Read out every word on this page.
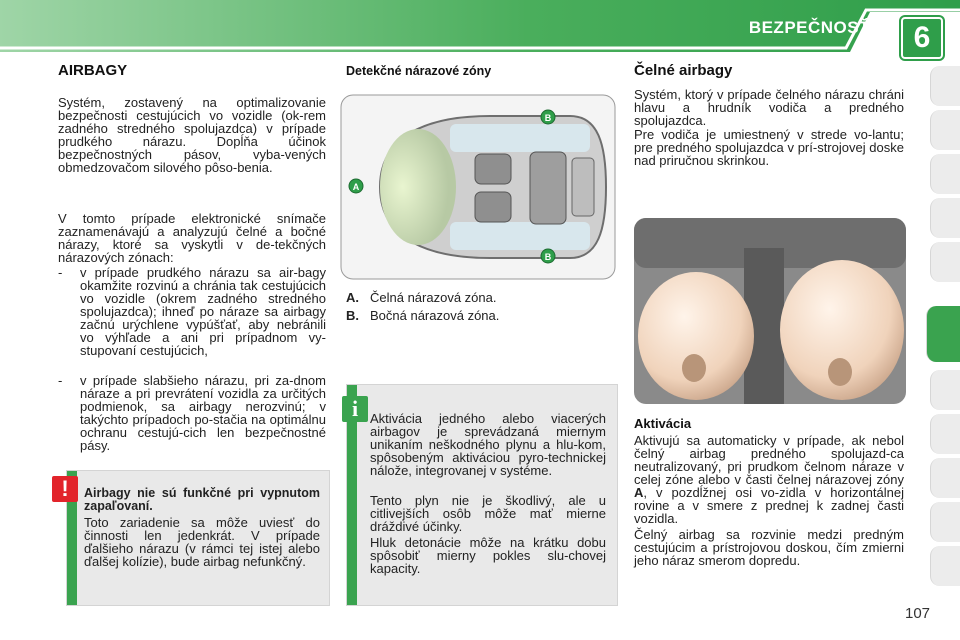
BEZPEČNOSŤ	6
AIRBAGY

Systém, zostavený na optimalizovanie bezpečnosti cestujúcich vo vozidle (ok-rem zadného stredného spolujazdca) v prípade prudkého nárazu. Dopĺňa účinok bezpečnostných pásov, vyba-vených obmedzovačom silového pôso-benia.

V tomto prípade elektronické snímače zaznamenávajú a analyzujú čelné a bočné nárazy, ktoré sa vyskytli v de-tekčných nárazových zónach:

-	v prípade prudkého nárazu sa air-bagy okamžite rozvinú a chránia tak cestujúcich vo vozidle (okrem zadného stredného spolujazdca); ihneď po náraze sa airbagy začnú urýchlene vypúšťať, aby nebránili vo výhľade a ani pri prípadnom vy-stupovaní cestujúcich,
-	v prípade slabšieho nárazu, pri za-dnom náraze a pri prevrátení vozidla za určitých podmienok, sa airbagy nerozvinú; v takýchto prípadoch po-stačia na optimálnu ochranu cestujú-cich len bezpečnostné pásy.
!	Airbagy nie sú funkčné pri vypnutom zapaľovaní.

Toto zariadenie sa môže uviesť do činnosti len jedenkrát. V prípade ďalšieho nárazu (v rámci tej istej alebo ďalšej kolízie), bude airbag nefunkčný.

Detekčné nárazové zóny
A
B
B
A. Čelná nárazová zóna.
B. Bočná nárazová zóna.
i Aktivácia jedného alebo viacerých airbagov je sprevádzaná miernym unikaním neškodného plynu a hlu-kom, spôsobeným aktiváciou pyro-technickej nálože, integrovanej v systéme.

Tento plyn nie je škodlivý, ale u citlivejších osôb môže mať mierne dráždivé účinky.

Hluk detonácie môže na krátku dobu spôsobiť mierny pokles slu-chovej kapacity.

Čelné airbagy

Systém, ktorý v prípade čelného nárazu chráni hlavu a hrudník vodiča a predného spolujazdca.

Pre vodiča je umiestnený v strede vo-lantu; pre predného spolujazdca v prí-strojovej doske nad priručnou skrinkou.

Aktivácia

Aktivujú sa automaticky v prípade, ak nebol čelný airbag predného spolujazd-ca neutralizovaný, pri prudkom čelnom náraze v celej zóne alebo v časti čelnej nárazovej zóny A, v pozdĺžnej osi vo-zidla v horizontálnej rovine a v smere z prednej k zadnej časti vozidla.

Čelný airbag sa rozvinie medzi predným cestujúcim a prístrojovou doskou, čím zmierni jeho náraz smerom dopredu.

107
